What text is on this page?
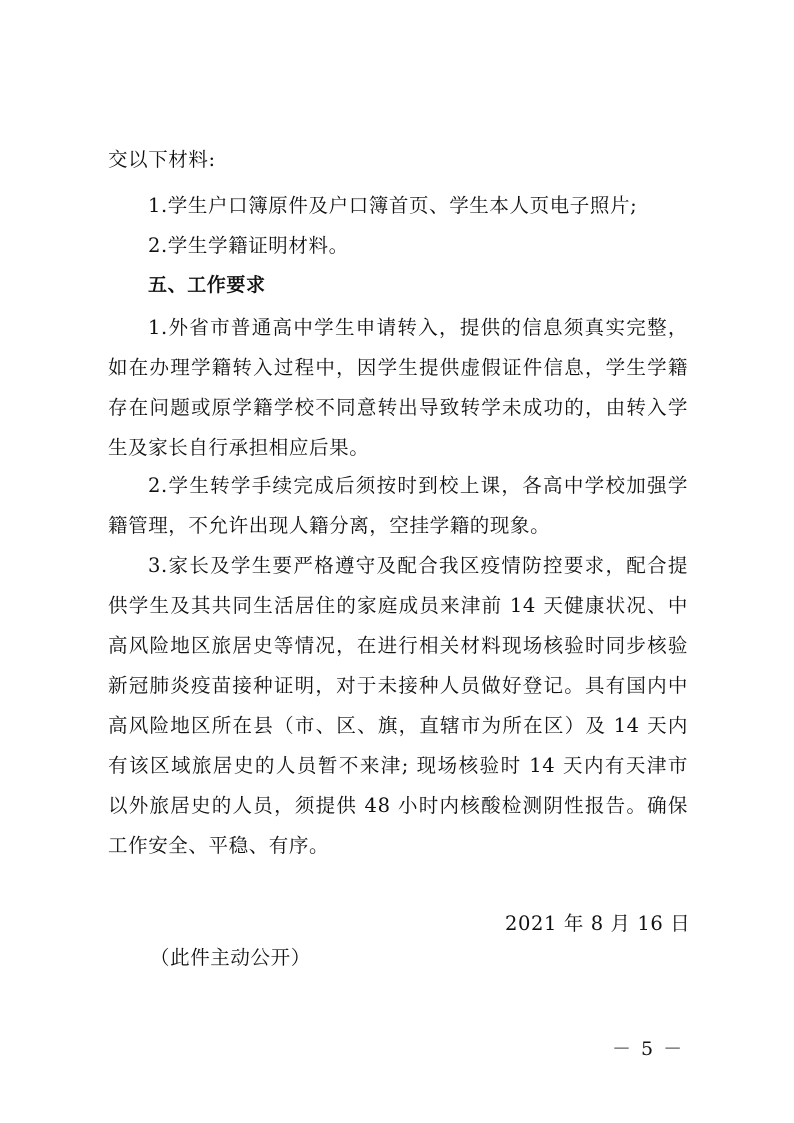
交以下材料:
1.学生户口簿原件及户口簿首页、学生本人页电子照片;
2.学生学籍证明材料。
五、工作要求
1.外省市普通高中学生申请转入，提供的信息须真实完整，
如在办理学籍转入过程中，因学生提供虚假证件信息，学生学籍
存在问题或原学籍学校不同意转出导致转学未成功的，由转入学
生及家长自行承担相应后果。
2.学生转学手续完成后须按时到校上课，各高中学校加强学
籍管理，不允许出现人籍分离，空挂学籍的现象。
3.家长及学生要严格遵守及配合我区疫情防控要求，配合提
供学生及其共同生活居住的家庭成员来津前 14 天健康状况、中
高风险地区旅居史等情况，在进行相关材料现场核验时同步核验
新冠肺炎疫苗接种证明，对于未接种人员做好登记。具有国内中
高风险地区所在县（市、区、旗，直辖市为所在区）及 14 天内
有该区域旅居史的人员暂不来津; 现场核验时 14 天内有天津市
以外旅居史的人员，须提供 48 小时内核酸检测阴性报告。确保
工作安全、平稳、有序。
2021 年 8 月 16 日
（此件主动公开）
－ 5 －
